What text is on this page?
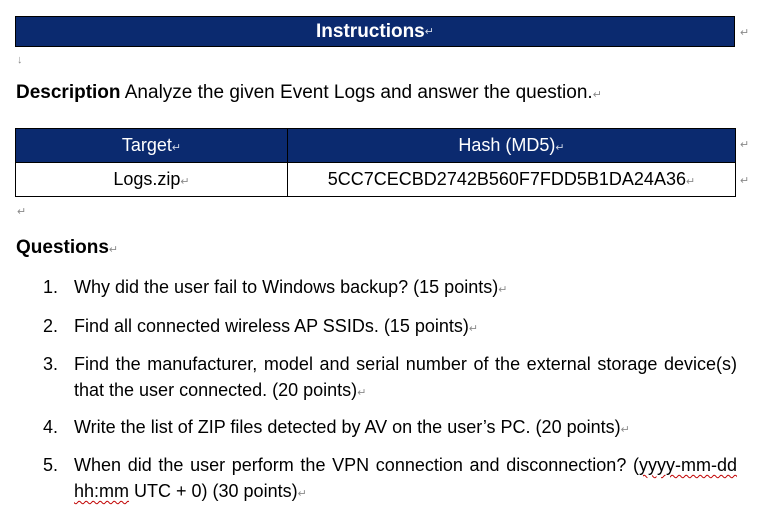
Instructions ↵	↵
↓
Description Analyze the given Event Logs and answer the question.↵
Target↵	Hash (MD5)↵
Logs.zip↵	5CC7CECBD2742B560F7FDD5B1DA24A36↵
↵
↵
↵
Questions↵
1. Why did the user fail to Windows backup? (15 points)↵
2. Find all connected wireless AP SSIDs. (15 points)↵
3. Find the manufacturer, model and serial number of the external storage device(s) that the user connected. (20 points)↵
4. Write the list of ZIP files detected by AV on the user’s PC. (20 points)↵
5. When did the user perform the VPN connection and disconnection? (yyyy-mm-dd hh:mm UTC + 0) (30 points)↵
